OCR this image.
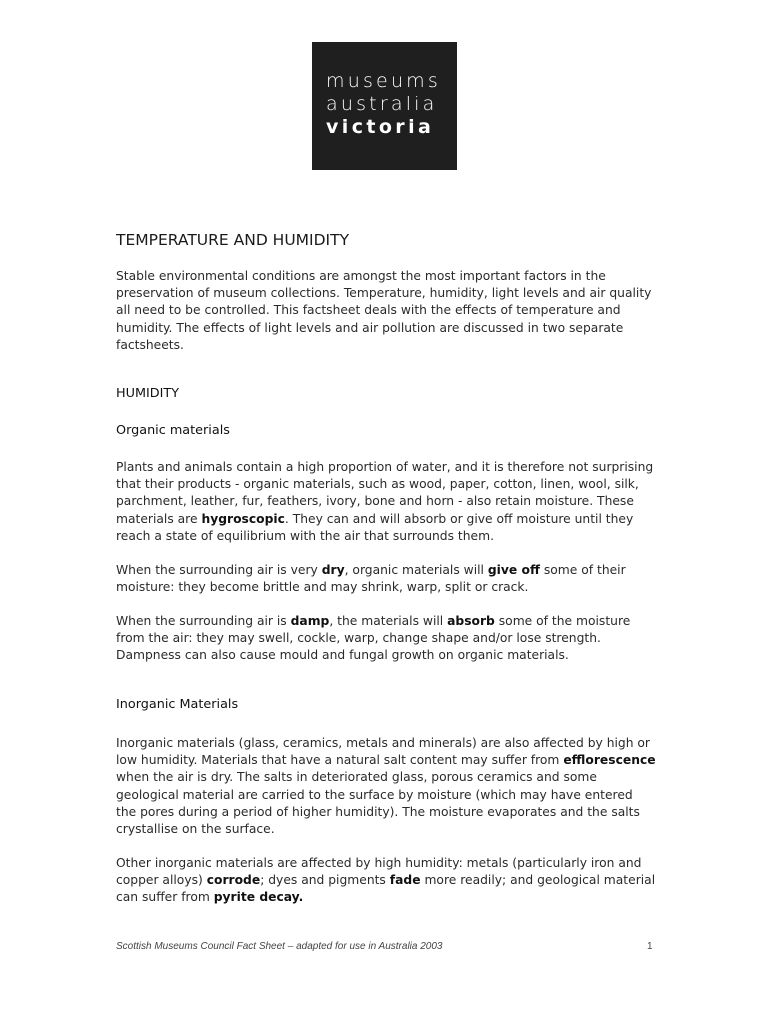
museums
australia
victoria
TEMPERATURE AND HUMIDITY

Stable environmental conditions are amongst the most important factors in the preservation of museum collections. Temperature, humidity, light levels and air quality all need to be controlled. This factsheet deals with the effects of temperature and humidity. The effects of light levels and air pollution are discussed in two separate factsheets.

HUMIDITY
Organic materials

Plants and animals contain a high proportion of water, and it is therefore not surprising that their products - organic materials, such as wood, paper, cotton, linen, wool, silk, parchment, leather, fur, feathers, ivory, bone and horn - also retain moisture. These materials are hygroscopic. They can and will absorb or give off moisture until they reach a state of equilibrium with the air that surrounds them.

When the surrounding air is very dry, organic materials will give off some of their moisture: they become brittle and may shrink, warp, split or crack.

When the surrounding air is damp, the materials will absorb some of the moisture from the air: they may swell, cockle, warp, change shape and/or lose strength. Dampness can also cause mould and fungal growth on organic materials.

Inorganic Materials

Inorganic materials (glass, ceramics, metals and minerals) are also affected by high or low humidity. Materials that have a natural salt content may suffer from efflorescence when the air is dry. The salts in deteriorated glass, porous ceramics and some geological material are carried to the surface by moisture (which may have entered the pores during a period of higher humidity). The moisture evaporates and the salts crystallise on the surface.

Other inorganic materials are affected by high humidity: metals (particularly iron and copper alloys) corrode; dyes and pigments fade more readily; and geological material can suffer from pyrite decay.

Scottish Museums Council Fact Sheet – adapted for use in Australia 2003	1
